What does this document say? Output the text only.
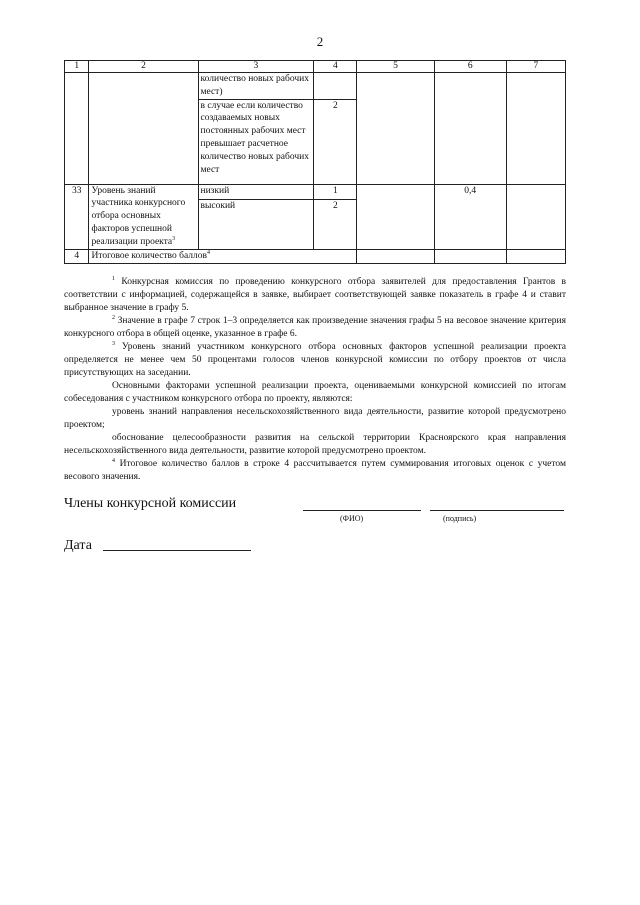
2
1	2	3	4	5	6	7
		количество новых рабочих мест)				
		в случае если количество создаваемых новых постоянных рабочих мест превышает расчетное количество новых рабочих мест	2			
33	Уровень знаний участника конкурсного отбора основных факторов успешной реализации проекта$^3$	низкий	1		0,4	
		высокий	2			
4	Итоговое количество баллов$^4$				

$^1$ Конкурсная комиссия по проведению конкурсного отбора заявителей для предоставления Грантов в соответствии с информацией, содержащейся в заявке, выбирает соответствующей заявке показатель в графе 4 и ставит выбранное значение в графу 5.

$^2$ Значение в графе 7 строк 1–3 определяется как произведение значения графы 5 на весовое значение критерия конкурсного отбора в общей оценке, указанное в графе 6.

$^3$ Уровень знаний участником конкурсного отбора основных факторов успешной реализации проекта определяется не менее чем 50 процентами голосов членов конкурсной комиссии по отбору проектов от числа присутствующих на заседании.

Основными факторами успешной реализации проекта, оцениваемыми конкурсной комиссией по итогам собеседования с участником конкурсного отбора по проекту, являются:

уровень знаний направления несельскохозяйственного вида деятельности, развитие которой предусмотрено проектом;

обоснование целесообразности развития на сельской территории Красноярского края направления несельскохозяйственного вида деятельности, развитие которой предусмотрено проектом.

$^4$ Итоговое количество баллов в строке 4 рассчитывается путем суммирования итоговых оценок с учетом весового значения.

Члены конкурсной комиссии
(ФИО)	(подпись)
Дата
